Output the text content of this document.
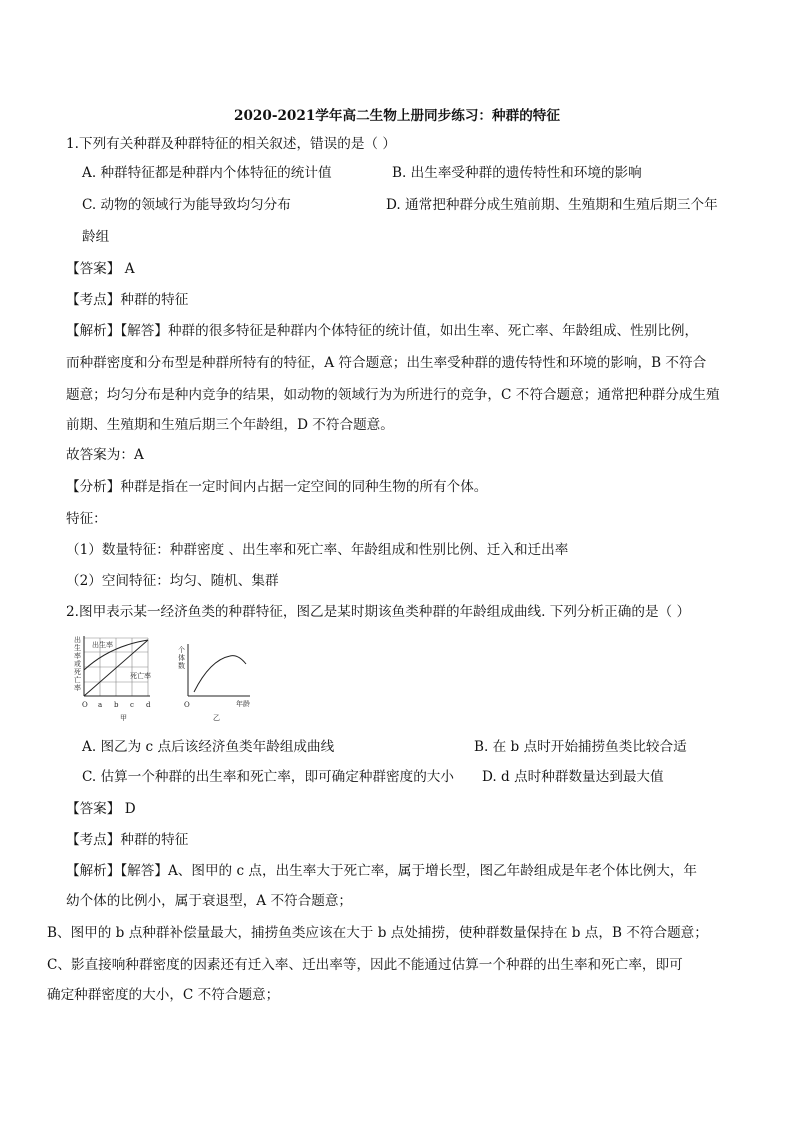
2020-2021学年高二生物上册同步练习：种群的特征
1.下列有关种群及种群特征的相关叙述，错误的是（ ）
A. 种群特征都是种群内个体特征的统计值	B. 出生率受种群的遗传特性和环境的影响
C. 动物的领域行为能导致均匀分布	D. 通常把种群分成生殖前期、生殖期和生殖后期三个年
龄组
【答案】 A
【考点】种群的特征
【解析】【解答】种群的很多特征是种群内个体特征的统计值，如出生率、死亡率、年龄组成、性别比例，
而种群密度和分布型是种群所特有的特征，A 符合题意；出生率受种群的遗传特性和环境的影响，B 不符合
题意；均匀分布是种内竞争的结果，如动物的领域行为为所进行的竞争，C 不符合题意；通常把种群分成生殖
前期、生殖期和生殖后期三个年龄组，D 不符合题意。
故答案为：A
【分析】种群是指在一定时间内占据一定空间的同种生物的所有个体。
特征：
（1）数量特征：种群密度 、出生率和死亡率、年龄组成和性别比例、迁入和迁出率
（2）空间特征：均匀、随机、集群
2.图甲表示某一经济鱼类的种群特征，图乙是某时期该鱼类种群的年龄组成曲线. 下列分析正确的是（ ）
出生率或死亡率
出生率
死亡率
O a b c d
甲
个体数
O	年龄
乙
A. 图乙为 c 点后该经济鱼类年龄组成曲线	B. 在 b 点时开始捕捞鱼类比较合适
C. 估算一个种群的出生率和死亡率，即可确定种群密度的大小 D. d 点时种群数量达到最大值
【答案】 D
【考点】种群的特征
【解析】【解答】A、图甲的 c 点，出生率大于死亡率，属于增长型，图乙年龄组成是年老个体比例大，年
幼个体的比例小，属于衰退型，A 不符合题意；
B、图甲的 b 点种群补偿量最大，捕捞鱼类应该在大于 b 点处捕捞，使种群数量保持在 b 点，B 不符合题意；
C、影直接响种群密度的因素还有迁入率、迁出率等，因此不能通过估算一个种群的出生率和死亡率，即可
确定种群密度的大小，C 不符合题意；
